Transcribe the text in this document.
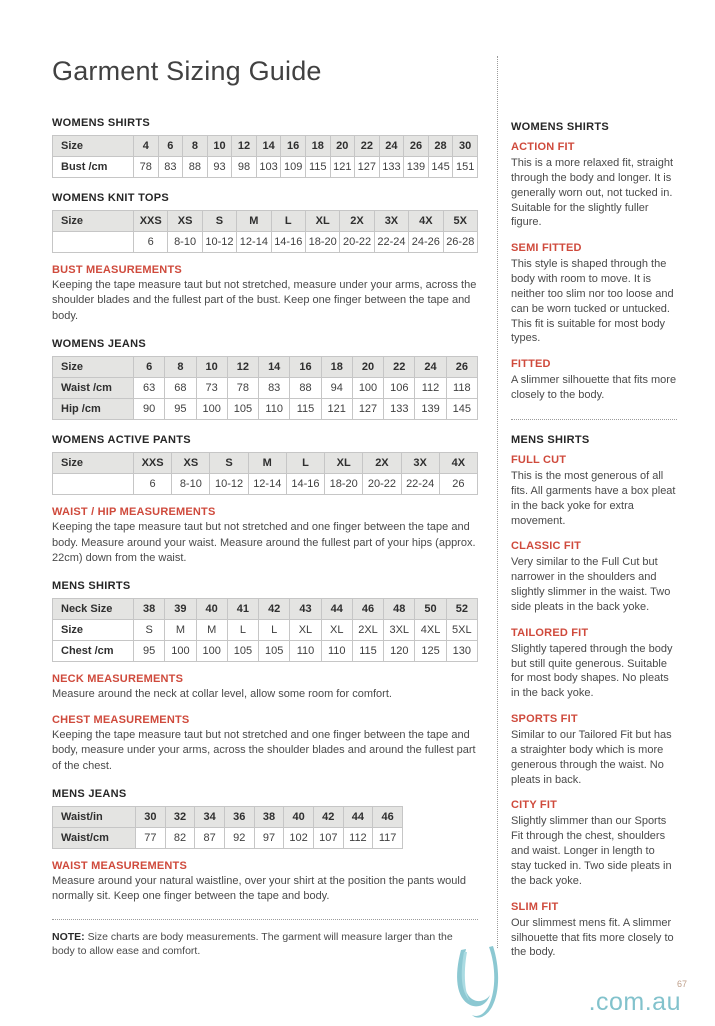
Garment Sizing Guide
WOMENS SHIRTS
Size	4	6	8	10	12	14	16	18	20	22	24	26	28	30
Bust /cm	78	83	88	93	98	103	109	115	121	127	133	139	145	151
WOMENS KNIT TOPS
Size	XXS	XS	S	M	L	XL	2X	3X	4X	5X
	6	8-10	10-12	12-14	14-16	18-20	20-22	22-24	24-26	26-28
BUST MEASUREMENTS

Keeping the tape measure taut but not stretched, measure under your arms, across the shoulder blades and the fullest part of the bust. Keep one finger between the tape and body.

WOMENS JEANS
Size	6	8	10	12	14	16	18	20	22	24	26
Waist /cm	63	68	73	78	83	88	94	100	106	112	118
Hip /cm	90	95	100	105	110	115	121	127	133	139	145
WOMENS ACTIVE PANTS
Size	XXS	XS	S	M	L	XL	2X	3X	4X
	6	8-10	10-12	12-14	14-16	18-20	20-22	22-24	26
WAIST / HIP MEASUREMENTS

Keeping the tape measure taut but not stretched and one finger between the tape and body. Measure around your waist. Measure around the fullest part of your hips (approx. 22cm) down from the waist.

MENS SHIRTS
Neck Size	38	39	40	41	42	43	44	46	48	50	52
Size	S	M	M	L	L	XL	XL	2XL	3XL	4XL	5XL
Chest /cm	95	100	100	105	105	110	110	115	120	125	130
NECK MEASUREMENTS

Measure around the neck at collar level, allow some room for comfort.

CHEST MEASUREMENTS

Keeping the tape measure taut but not stretched and one finger between the tape and body, measure under your arms, across the shoulder blades and around the fullest part of the chest.

MENS JEANS
Waist/in	30	32	34	36	38	40	42	44	46
Waist/cm	77	82	87	92	97	102	107	112	117
WAIST MEASUREMENTS

Measure around your natural waistline, over your shirt at the position the pants would normally sit. Keep one finger between the tape and body.

NOTE: Size charts are body measurements. The garment will measure larger than the body to allow ease and comfort.

WOMENS SHIRTS
ACTION FIT

This is a more relaxed fit, straight through the body and longer. It is generally worn out, not tucked in. Suitable for the slightly fuller figure.

SEMI FITTED

This style is shaped through the body with room to move. It is neither too slim nor too loose and can be worn tucked or untucked. This fit is suitable for most body types.

FITTED

A slimmer silhouette that fits more closely to the body.

MENS SHIRTS
FULL CUT

This is the most generous of all fits. All garments have a box pleat in the back yoke for extra movement.

CLASSIC FIT

Very similar to the Full Cut but narrower in the shoulders and slightly slimmer in the waist. Two side pleats in the back yoke.

TAILORED FIT

Slightly tapered through the body but still quite generous. Suitable for most body shapes. No pleats in the back yoke.

SPORTS FIT

Similar to our Tailored Fit but has a straighter body which is more generous through the waist. No pleats in back.

CITY FIT

Slightly slimmer than our Sports Fit through the chest, shoulders and waist. Longer in length to stay tucked in. Two side pleats in the back yoke.

SLIM FIT

Our slimmest mens fit. A slimmer silhouette that fits more closely to the body.

.com.au
67
